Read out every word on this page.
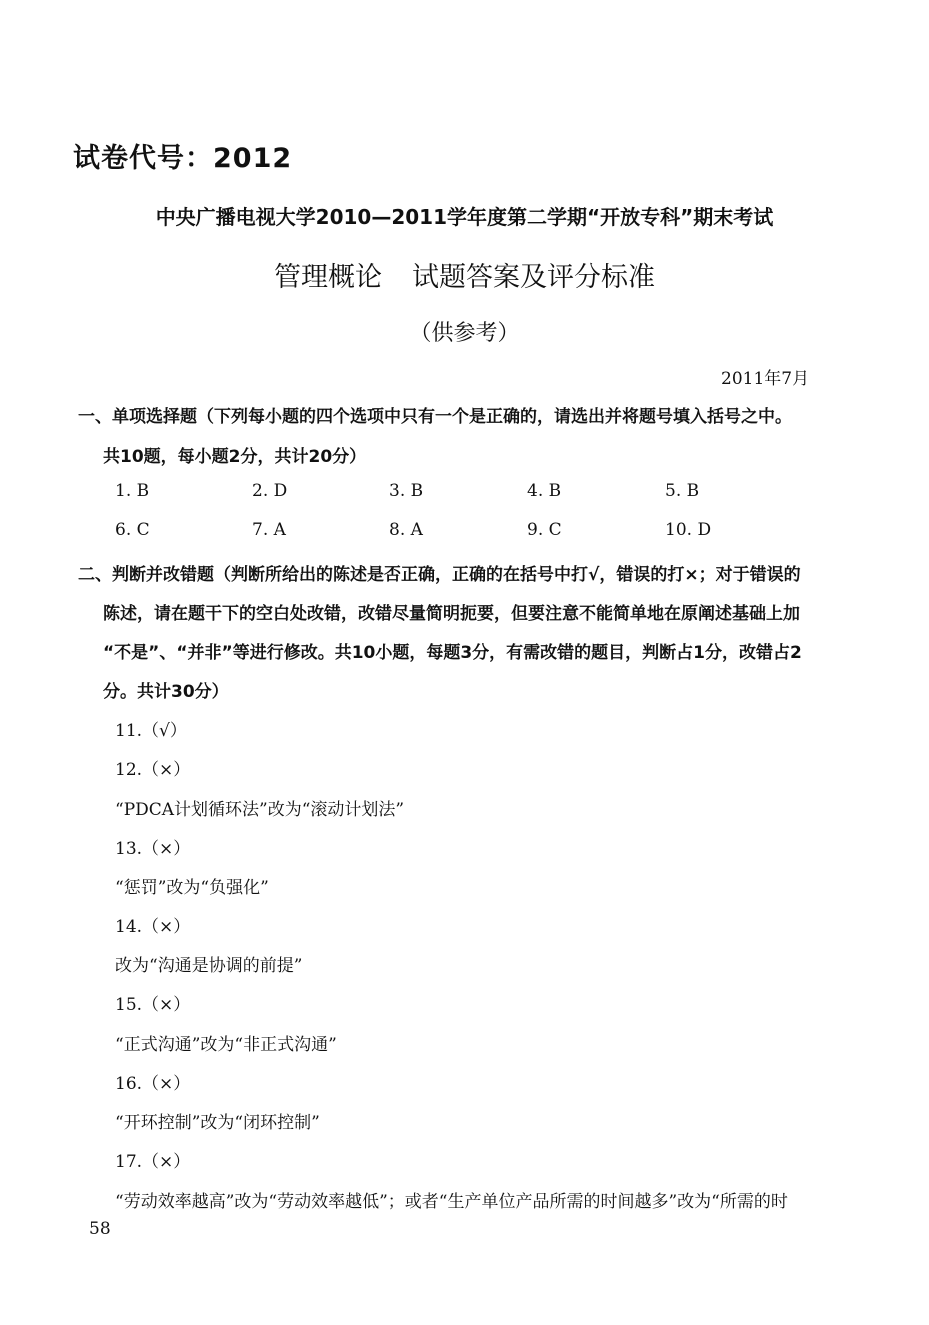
试卷代号：2012
中央广播电视大学2010—2011学年度第二学期“开放专科”期末考试
管理概论 试题答案及评分标准
（供参考）
2011年7月
一、单项选择题（下列每小题的四个选项中只有一个是正确的，请选出并将题号填入括号之中。
共10题，每小题2分，共计20分）
1. B	2. D	3. B	4. B	5. B
6. C	7. A	8. A	9. C	10. D
二、判断并改错题（判断所给出的陈述是否正确，正确的在括号中打√，错误的打×；对于错误的
陈述，请在题干下的空白处改错，改错尽量简明扼要，但要注意不能简单地在原阐述基础上加
“不是”、“并非”等进行修改。共10小题，每题3分，有需改错的题目，判断占1分，改错占2
分。共计30分）
11.（√）
12.（×）
“PDCA计划循环法”改为“滚动计划法”
13.（×）
“惩罚”改为“负强化”
14.（×）
改为“沟通是协调的前提”
15.（×）
“正式沟通”改为“非正式沟通”
16.（×）
“开环控制”改为“闭环控制”
17.（×）
“劳动效率越高”改为“劳动效率越低”；或者“生产单位产品所需的时间越多”改为“所需的时
58
